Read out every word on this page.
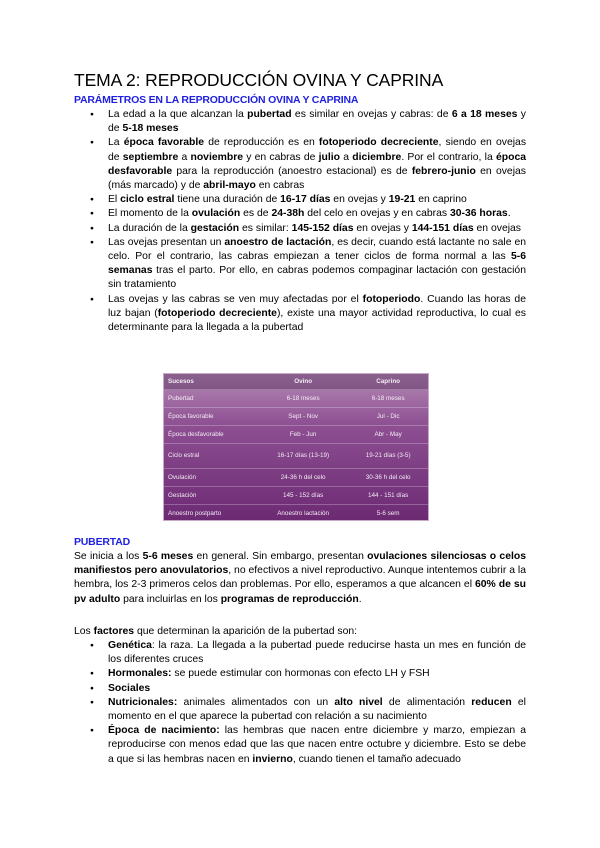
TEMA 2: REPRODUCCIÓN OVINA Y CAPRINA
PARÁMETROS EN LA REPRODUCCIÓN OVINA Y CAPRINA
● La edad a la que alcanzan la pubertad es similar en ovejas y cabras: de 6 a 18 meses y de 5-18 meses
● La época favorable de reproducción es en fotoperiodo decreciente, siendo en ovejas de septiembre a noviembre y en cabras de julio a diciembre. Por el contrario, la época desfavorable para la reproducción (anoestro estacional) es de febrero-junio en ovejas (más marcado) y de abril-mayo en cabras
● El ciclo estral tiene una duración de 16-17 días en ovejas y 19-21 en caprino
● El momento de la ovulación es de 24-38h del celo en ovejas y en cabras 30-36 horas.
● La duración de la gestación es similar: 145-152 días en ovejas y 144-151 días en ovejas
● Las ovejas presentan un anoestro de lactación, es decir, cuando está lactante no sale en celo. Por el contrario, las cabras empiezan a tener ciclos de forma normal a las 5-6 semanas tras el parto. Por ello, en cabras podemos compaginar lactación con gestación sin tratamiento
● Las ovejas y las cabras se ven muy afectadas por el fotoperiodo. Cuando las horas de luz bajan (fotoperiodo decreciente), existe una mayor actividad reproductiva, lo cual es determinante para la llegada a la pubertad
Sucesos	Ovino	Caprino
Pubertad	6-18 meses	6-18 meses
Época favorable	Sept - Nov	Jul - Dic
Época desfavorable	Feb - Jun	Abr - May
Ciclo estral	16-17 días (13-19)	19-21 días (3-5)
Ovulación	24-36 h del celo	30-36 h del celo
Gestación	145 - 152 días	144 - 151 días
Anoestro postparto	Anoestro lactación	5-6 sem
PUBERTAD

Se inicia a los 5-6 meses en general. Sin embargo, presentan ovulaciones silenciosas o celos manifiestos pero anovulatorios, no efectivos a nivel reproductivo. Aunque intentemos cubrir a la hembra, los 2-3 primeros celos dan problemas. Por ello, esperamos a que alcancen el 60% de su pv adulto para incluirlas en los programas de reproducción.

Los factores que determinan la aparición de la pubertad son:

● Genética: la raza. La llegada a la pubertad puede reducirse hasta un mes en función de los diferentes cruces
● Hormonales: se puede estimular con hormonas con efecto LH y FSH
● Sociales
● Nutricionales: animales alimentados con un alto nivel de alimentación reducen el momento en el que aparece la pubertad con relación a su nacimiento
● Época de nacimiento: las hembras que nacen entre diciembre y marzo, empiezan a reproducirse con menos edad que las que nacen entre octubre y diciembre. Esto se debe a que si las hembras nacen en invierno, cuando tienen el tamaño adecuado
